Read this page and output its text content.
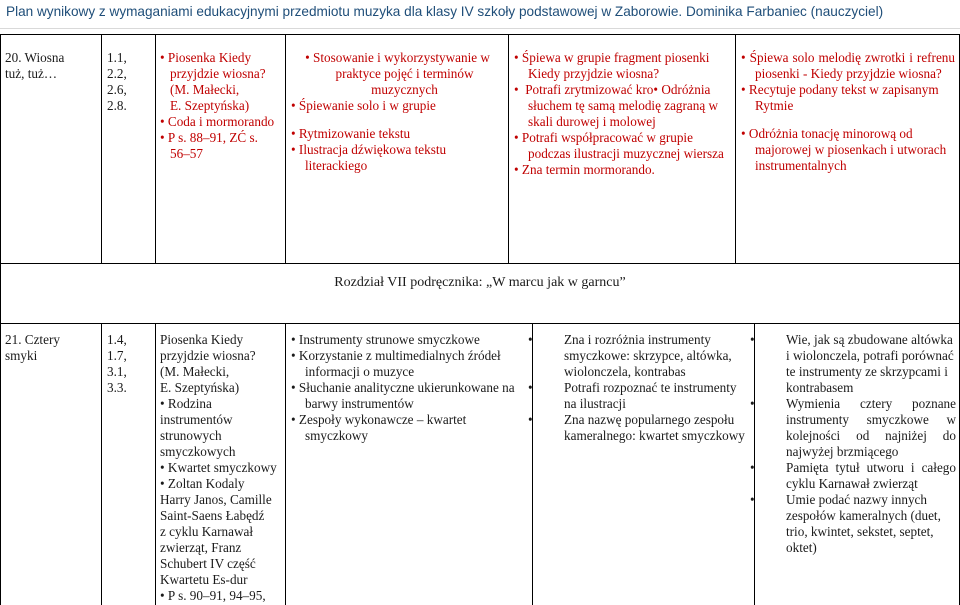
Plan wynikowy z wymaganiami edukacyjnymi przedmiotu muzyka dla klasy IV szkoły podstawowej w Zaborowie. Dominika Farbaniec (nauczyciel)
20. Wiosna
tuż, tuż…
1.1,
2.2,
2.6,
2.8.
• Piosenka Kiedy
przyjdzie wiosna?
(M. Małecki,
E. Szeptyńska)
• Coda i mormorando
• P s. 88–91, ZĆ s.
56–57

• Stosowanie i wykorzystywanie w praktyce pojęć i terminów muzycznych

• Śpiewanie solo i w grupie

• Rytmizowanie tekstu

• Ilustracja dźwiękowa tekstu literackiego

• Śpiewa w grupie fragment piosenki Kiedy przyjdzie wiosna?

• Potrafi zrytmizować kro• Odróżnia słuchem tę samą melodię zagraną w skali durowej i molowej

• Potrafi współpracować w grupie podczas ilustracji muzycznej wiersza

• Zna termin mormorando.

• Śpiewa solo melodię zwrotki i refrenu piosenki - Kiedy przyjdzie wiosna?

• Recytuje podany tekst w zapisanym Rytmie

• Odróżnia tonację minorową od majorowej w piosenkach i utworach instrumentalnych

Rozdział VII podręcznika: „W marcu jak w garncu”
21. Cztery
smyki
1.4,
1.7,
3.1,
3.3.
Piosenka Kiedy
przyjdzie wiosna?
(M. Małecki,
E. Szeptyńska)
• Rodzina
instrumentów
strunowych
smyczkowych
• Kwartet smyczkowy
• Zoltan Kodaly
Harry Janos, Camille
Saint-Saens Łabędź
z cyklu Karnawał
zwierząt, Franz
Schubert IV część
Kwartetu Es-dur
• P s. 90–91, 94–95,

• Instrumenty strunowe smyczkowe

• Korzystanie z multimedialnych źródeł informacji o muzyce

• Słuchanie analityczne ukierunkowane na barwy instrumentów

• Zespoły wykonawcze – kwartet smyczkowy

• Zna i rozróżnia instrumenty smyczkowe: skrzypce, altówka, wiolonczela, kontrabas

• Potrafi rozpoznać te instrumenty na ilustracji

• Zna nazwę popularnego zespołu kameralnego: kwartet smyczkowy

• Wie, jak są zbudowane altówka i wiolonczela, potrafi porównać te instrumenty ze skrzypcami i kontrabasem

• Wymienia cztery poznane instrumenty smyczkowe w kolejności od najniżej do najwyżej brzmiącego

• Pamięta tytuł utworu i całego cyklu Karnawał zwierząt

• Umie podać nazwy innych zespołów kameralnych (duet, trio, kwintet, sekstet, septet, oktet)
